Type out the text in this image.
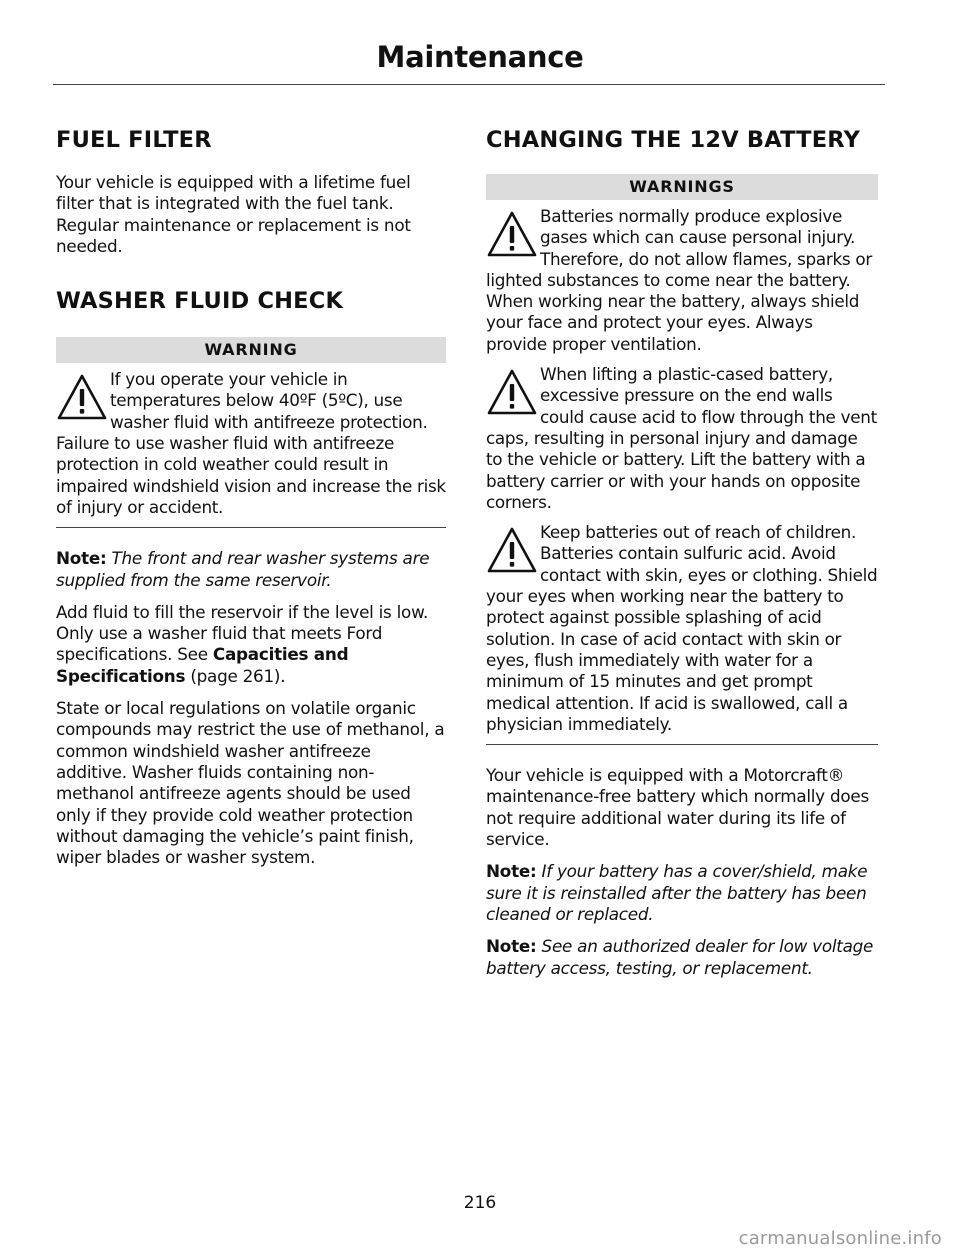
Maintenance
FUEL FILTER

Your vehicle is equipped with a lifetime fuel filter that is integrated with the fuel tank. Regular maintenance or replacement is not needed.

WASHER FLUID CHECK
WARNING

If you operate your vehicle in temperatures below 40ºF (5ºC), use washer fluid with antifreeze protection. Failure to use washer fluid with antifreeze protection in cold weather could result in impaired windshield vision and increase the risk of injury or accident.

Note: The front and rear washer systems are supplied from the same reservoir.

Add fluid to fill the reservoir if the level is low. Only use a washer fluid that meets Ford specifications. See Capacities and Specifications (page 261).

State or local regulations on volatile organic compounds may restrict the use of methanol, a common windshield washer antifreeze additive. Washer fluids containing non-methanol antifreeze agents should be used only if they provide cold weather protection without damaging the vehicle’s paint finish, wiper blades or washer system.

CHANGING THE 12V BATTERY
WARNINGS

Batteries normally produce explosive gases which can cause personal injury. Therefore, do not allow flames, sparks or lighted substances to come near the battery. When working near the battery, always shield your face and protect your eyes. Always provide proper ventilation.

When lifting a plastic-cased battery, excessive pressure on the end walls could cause acid to flow through the vent caps, resulting in personal injury and damage to the vehicle or battery. Lift the battery with a battery carrier or with your hands on opposite corners.

Keep batteries out of reach of children. Batteries contain sulfuric acid. Avoid contact with skin, eyes or clothing. Shield your eyes when working near the battery to protect against possible splashing of acid solution. In case of acid contact with skin or eyes, flush immediately with water for a minimum of 15 minutes and get prompt medical attention. If acid is swallowed, call a physician immediately.

Your vehicle is equipped with a Motorcraft® maintenance-free battery which normally does not require additional water during its life of service.

Note: If your battery has a cover/shield, make sure it is reinstalled after the battery has been cleaned or replaced.

Note: See an authorized dealer for low voltage battery access, testing, or replacement.

216
carmanualsonline.info
